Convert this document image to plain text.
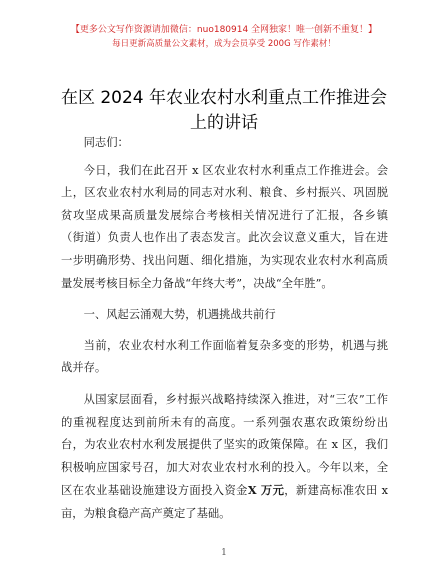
【更多公文写作资源请加微信：nuo180914 全网独家！唯一创新不重复！】
每日更新高质量公文素材，成为会员享受 200G 写作素材！
在区 2024 年农业农村水利重点工作推进会上的讲话

同志们：

今日，我们在此召开 x 区农业农村水利重点工作推进会。会上，区农业农村水利局的同志对水利、粮食、乡村振兴、巩固脱贫攻坚成果高质量发展综合考核相关情况进行了汇报，各乡镇（街道）负责人也作出了表态发言。此次会议意义重大，旨在进一步明确形势、找出问题、细化措施，为实现农业农村水利高质量发展考核目标全力备战“年终大考”，决战“全年胜”。

一、风起云涌观大势，机遇挑战共前行

当前，农业农村水利工作面临着复杂多变的形势，机遇与挑战并存。

从国家层面看，乡村振兴战略持续深入推进，对“三农”工作的重视程度达到前所未有的高度。一系列强农惠农政策纷纷出台，为农业农村水利发展提供了坚实的政策保障。在 x 区，我们积极响应国家号召，加大对农业农村水利的投入。今年以来，全区在农业基础设施建设方面投入资金X 万元，新建高标准农田 x 亩，为粮食稳产高产奠定了基础。

1
